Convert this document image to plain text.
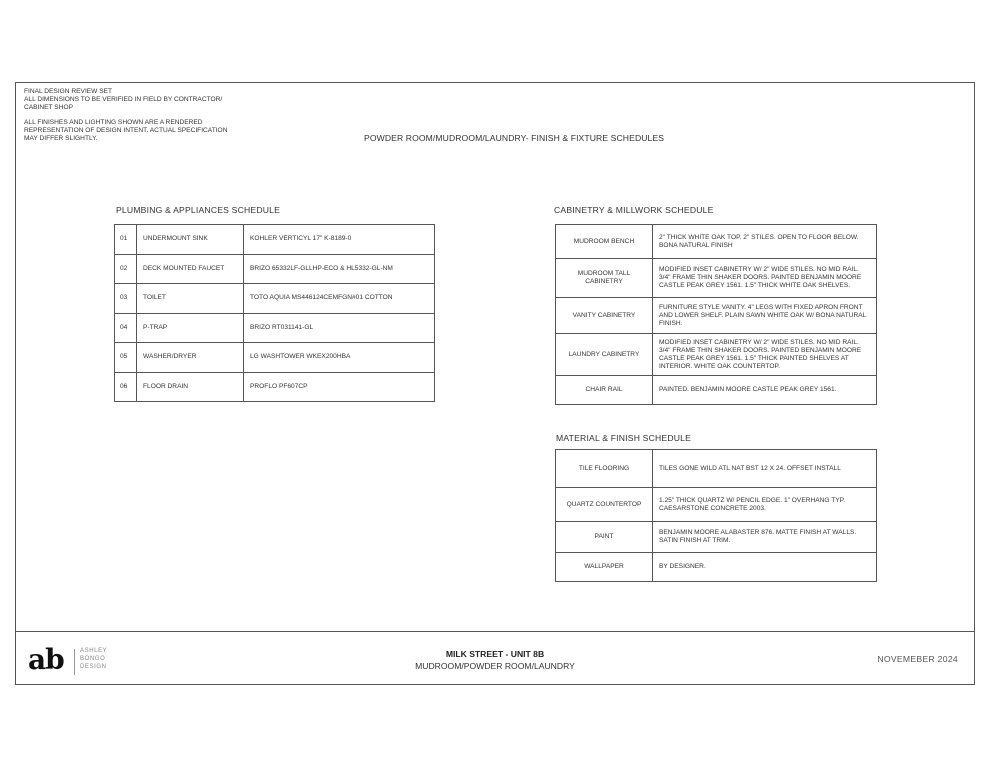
FINAL DESIGN REVIEW SET
ALL DIMENSIONS TO BE VERIFIED IN FIELD BY CONTRACTOR/
CABINET SHOP
ALL FINISHES AND LIGHTING SHOWN ARE A RENDERED
REPRESENTATION OF DESIGN INTENT. ACTUAL SPECIFICATION
MAY DIFFER SLIGHTLY.	POWDER ROOM/MUDROOM/LAUNDRY- FINISH & FIXTURE SCHEDULES
PLUMBING & APPLIANCES SCHEDULE
01	UNDERMOUNT SINK	KOHLER VERTICYL 17" K-8189-0
02	DECK MOUNTED FAUCET	BRIZO 65332LF-GLLHP-ECO & HL5332-GL-NM
03	TOILET	TOTO AQUIA MS446124CEMFGN#01 COTTON
04	P-TRAP	BRIZO RT031141-GL
05	WASHER/DRYER	LG WASHTOWER WKEX200HBA
06	FLOOR DRAIN	PROFLO PF607CP
CABINETRY & MILLWORK SCHEDULE
MUDROOM BENCH	2" THICK WHITE OAK TOP. 2" STILES. OPEN TO FLOOR BELOW. BONA NATURAL FINISH
MUDROOM TALL CABINETRY	MODIFIED INSET CABINETRY W/ 2" WIDE STILES. NO MID RAIL. 3/4" FRAME THIN SHAKER DOORS. PAINTED BENJAMIN MOORE CASTLE PEAK GREY 1561. 1.5" THICK WHITE OAK SHELVES.
VANITY CABINETRY	FURNITURE STYLE VANITY. 4" LEGS WITH FIXED APRON FRONT AND LOWER SHELF. PLAIN SAWN WHITE OAK W/ BONA NATURAL FINISH.
LAUNDRY CABINETRY	MODIFIED INSET CABINETRY W/ 2" WIDE STILES. NO MID RAIL. 3/4" FRAME THIN SHAKER DOORS. PAINTED BENJAMIN MOORE CASTLE PEAK GREY 1561. 1.5" THICK PAINTED SHELVES AT INTERIOR. WHITE OAK COUNTERTOP.
CHAIR RAIL	PAINTED. BENJAMIN MOORE CASTLE PEAK GREY 1561.
MATERIAL & FINISH SCHEDULE
TILE FLOORING	TILES GONE WILD ATL NAT BST 12 X 24. OFFSET INSTALL
QUARTZ COUNTERTOP	1.25" THICK QUARTZ W/ PENCIL EDGE. 1" OVERHANG TYP. CAESARSTONE CONCRETE 2003.
PAINT	BENJAMIN MOORE ALABASTER 876. MATTE FINISH AT WALLS. SATIN FINISH AT TRIM.
WALLPAPER	BY DESIGNER.
ab	ASHLEY
BONGO
DESIGN
MILK STREET - UNIT 8B
MUDROOM/POWDER ROOM/LAUNDRY
NOVEMEBER 2024
